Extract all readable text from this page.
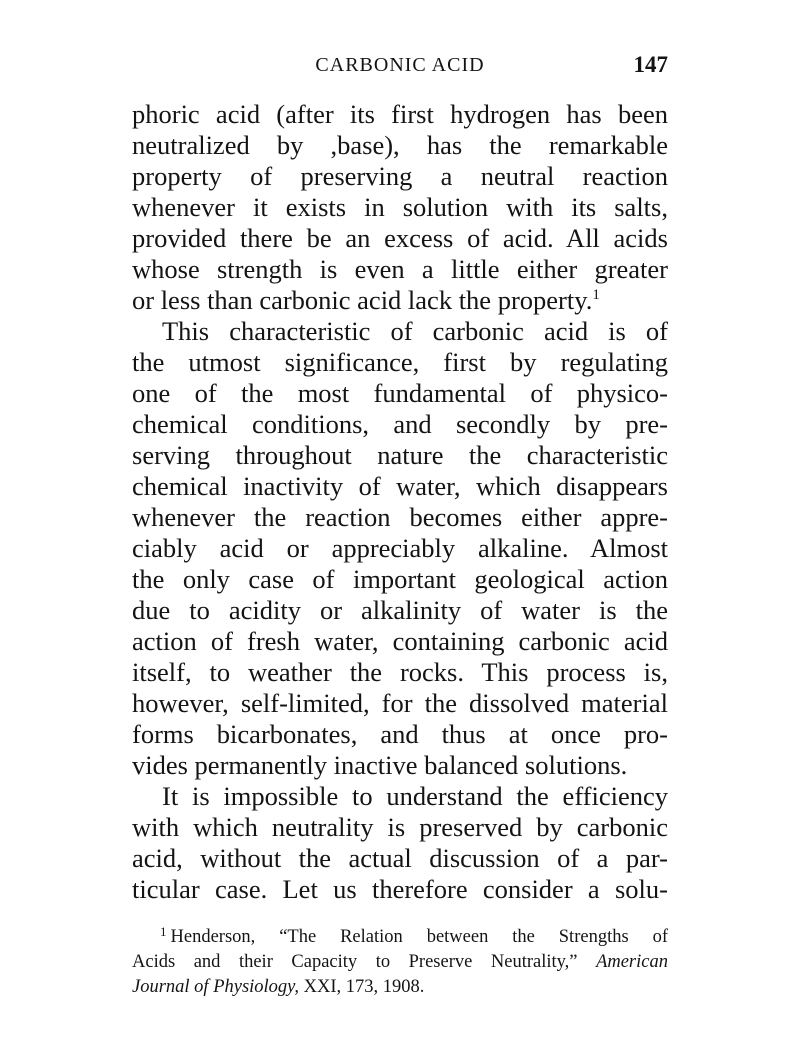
CARBONIC ACID	147
phoric acid (after its first hydrogen has been
neutralized by ,base), has the remarkable
property of preserving a neutral reaction
whenever it exists in solution with its salts,
provided there be an excess of acid. All acids
whose strength is even a little either greater
or less than carbonic acid lack the property.$^1$
This characteristic of carbonic acid is of
the utmost significance, first by regulating
one of the most fundamental of physico-
chemical conditions, and secondly by pre-
serving throughout nature the characteristic
chemical inactivity of water, which disappears
whenever the reaction becomes either appre-
ciably acid or appreciably alkaline. Almost
the only case of important geological action
due to acidity or alkalinity of water is the
action of fresh water, containing carbonic acid
itself, to weather the rocks. This process is,
however, self-limited, for the dissolved material
forms bicarbonates, and thus at once pro-
vides permanently inactive balanced solutions.
It is impossible to understand the efficiency
with which neutrality is preserved by carbonic
acid, without the actual discussion of a par-
ticular case. Let us therefore consider a solu-
$^1$ Henderson, “The Relation between the Strengths of
Acids and their Capacity to Preserve Neutrality,” American
Journal of Physiology, XXI, 173, 1908.
